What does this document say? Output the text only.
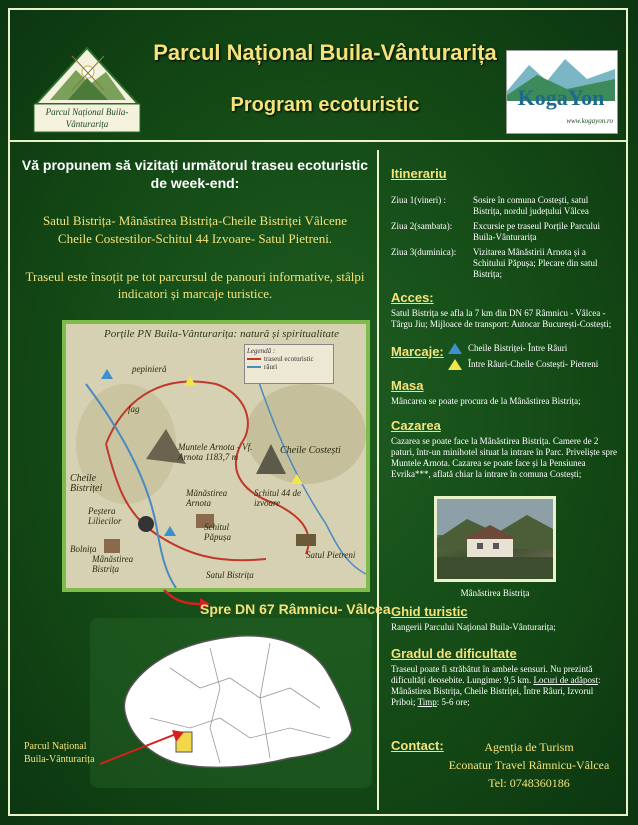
Parcul Național Buila-Vânturarița
KogaYon
www.kogayon.ro
Parcul Național Buila-Vânturarița
Program ecoturistic
Vă propunem să vizitați următorul traseu ecoturistic de week-end:
Satul Bistrița- Mânăstirea Bistrița-Cheile Bistriței Vâlcene
Cheile Costestilor-Schitul 44 Izvoare- Satul Pietreni.
Traseul este însoțit pe tot parcursul de panouri informative, stâlpi indicatori și marcaje turistice.
Porțile PN Buila-Vânturarița: natură și spiritualitate
Legendă :
traseul ecoturistic
râuri
pepinieră
fag
Muntele Arnota - Vf. Arnota 1183,7 m
Cheile Costești
Cheile Bistriței
Peștera Liliecilor
Mănăstirea Arnota
Schitul 44 de izvoare
Bolnița
Schitul Păpușa
Mânăstirea Bistrița
Satul Bistrița
Satul Pietreni
Spre DN 67 Râmnicu- Vâlcea
Parcul Național Buila-Vânturarița
Itinerariu
Ziua 1(vineri) :	Sosire în comuna Costești, satul Bistrița, nordul județului Vâlcea
Ziua 2(sambata):	Excursie pe traseul Porțile Parcului Buila-Vânturarița
Ziua 3(duminica):	Vizitarea Mânăstirii Arnota și a Schitului Păpușa; Plecare din satul Bistrița;
Acces:
Satul Bistrița se afla la 7 km din DN 67 Râmnicu - Vâlcea - Târgu Jiu; Mijloace de transport: Autocar București-Costești;
Marcaje:	Cheile Bistriței- Între Râuri
Între Râuri-Cheile Costești- Pietreni
Masa
Mâncarea se poate procura de la Mânăstirea Bistrița;
Cazarea
Cazarea se poate face la Mânăstirea Bistrița. Camere de 2 paturi, într-un minihotel situat la intrare în Parc. Priveliște spre Muntele Arnota. Cazarea se poate face și la Pensiunea Evrika***, aflată chiar la intrare în comuna Costești;
Mânăstirea Bistrița
Ghid turistic
Rangerii Parcului Național Buila-Vânturarița;
Gradul de dificultate
Traseul poate fi străbătut în ambele sensuri. Nu prezintă dificultăți deosebite. Lungime: 9,5 km. Locuri de adăpost: Mânăstirea Bistrița, Cheile Bistriței, Între Râuri, Izvorul Priboi; Timp: 5-6 ore;
Contact:	Agenția de Turism
Econatur Travel Râmnicu-Vâlcea
Tel: 0748360186
